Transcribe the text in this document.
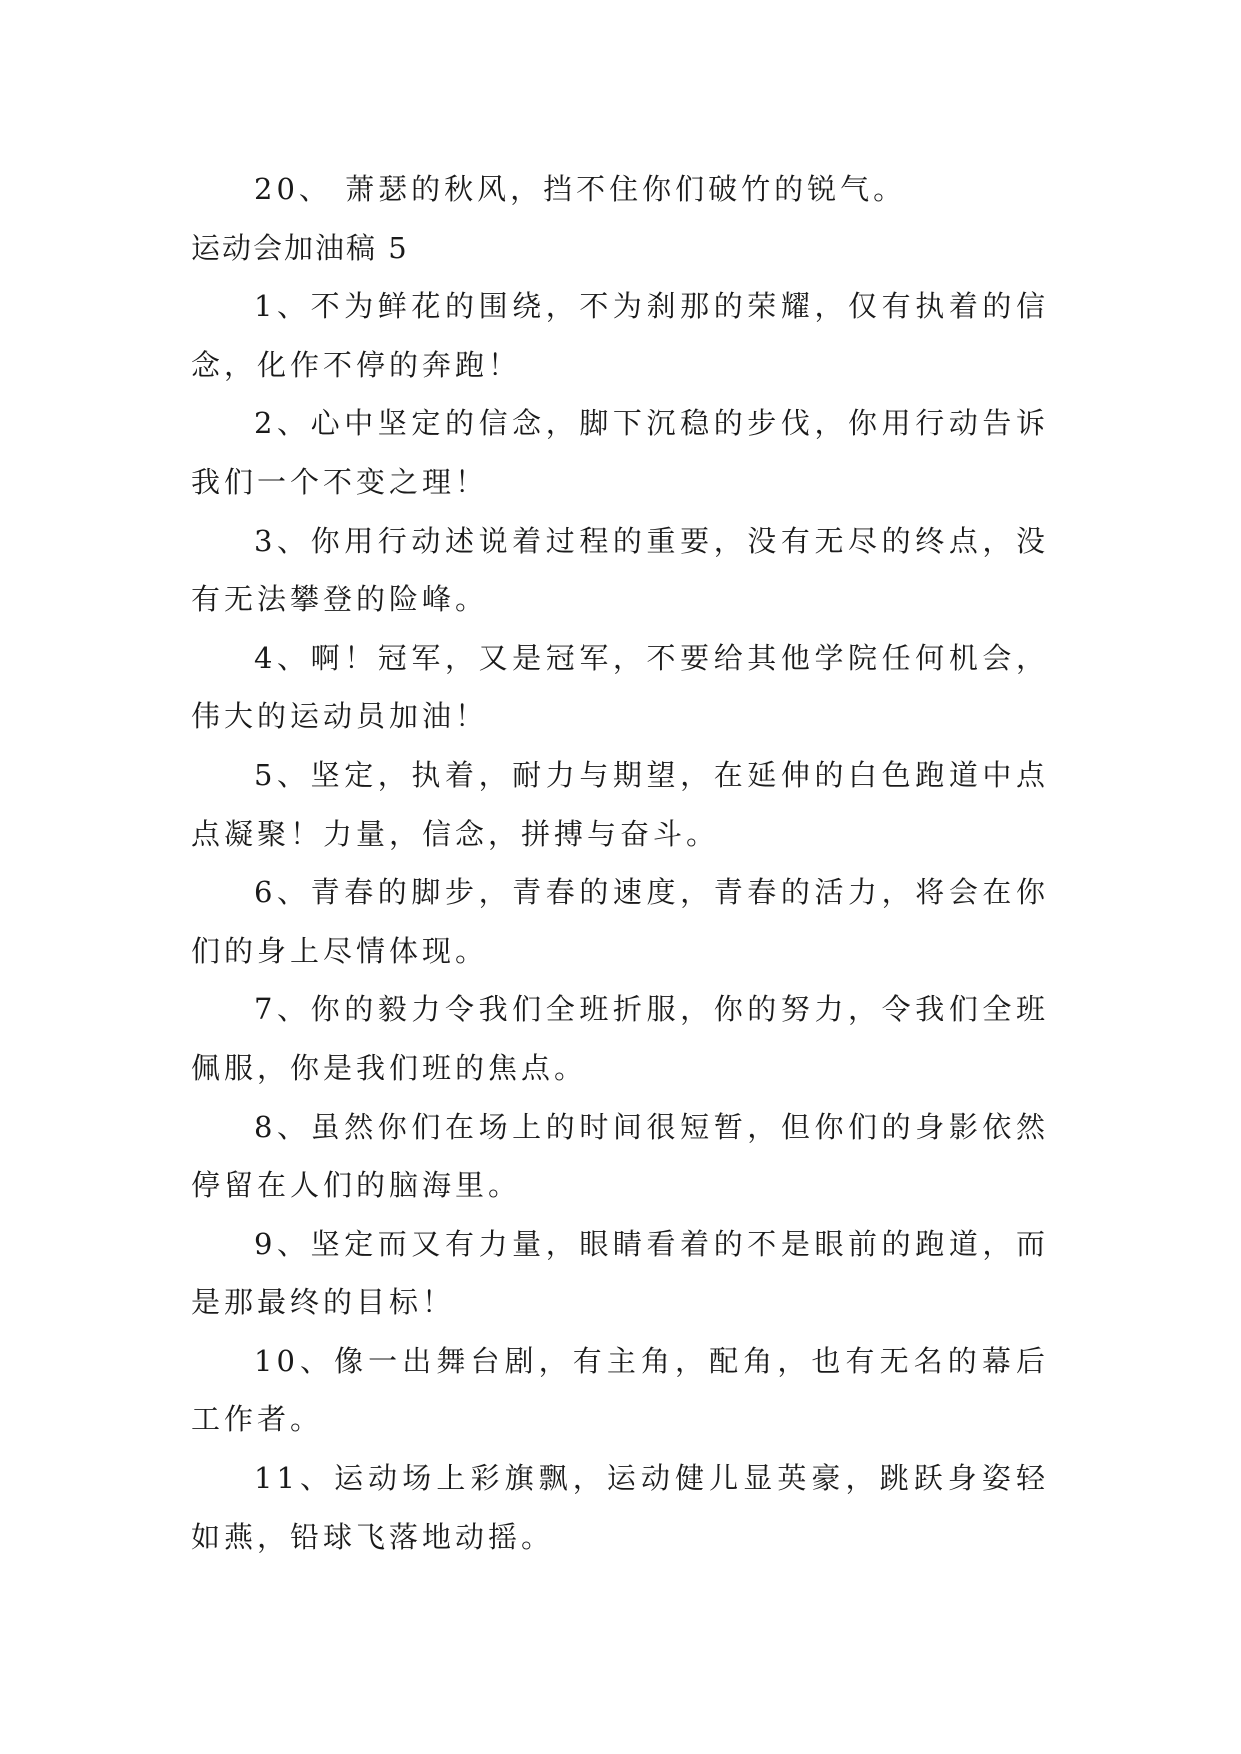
20、 萧瑟的秋风，挡不住你们破竹的锐气。

运动会加油稿 5

1、不为鲜花的围绕，不为刹那的荣耀，仅有执着的信念，化作不停的奔跑！

2、心中坚定的信念，脚下沉稳的步伐，你用行动告诉我们一个不变之理！

3、你用行动述说着过程的重要，没有无尽的终点，没有无法攀登的险峰。

4、啊！冠军，又是冠军，不要给其他学院任何机会，伟大的运动员加油！

5、坚定，执着，耐力与期望，在延伸的白色跑道中点点凝聚！力量，信念，拼搏与奋斗。

6、青春的脚步，青春的速度，青春的活力，将会在你们的身上尽情体现。

7、你的毅力令我们全班折服，你的努力，令我们全班佩服，你是我们班的焦点。

8、虽然你们在场上的时间很短暂，但你们的身影依然停留在人们的脑海里。

9、坚定而又有力量，眼睛看着的不是眼前的跑道，而是那最终的目标！

10、像一出舞台剧，有主角，配角，也有无名的幕后工作者。

11、运动场上彩旗飘，运动健儿显英豪，跳跃身姿轻如燕，铅球飞落地动摇。
